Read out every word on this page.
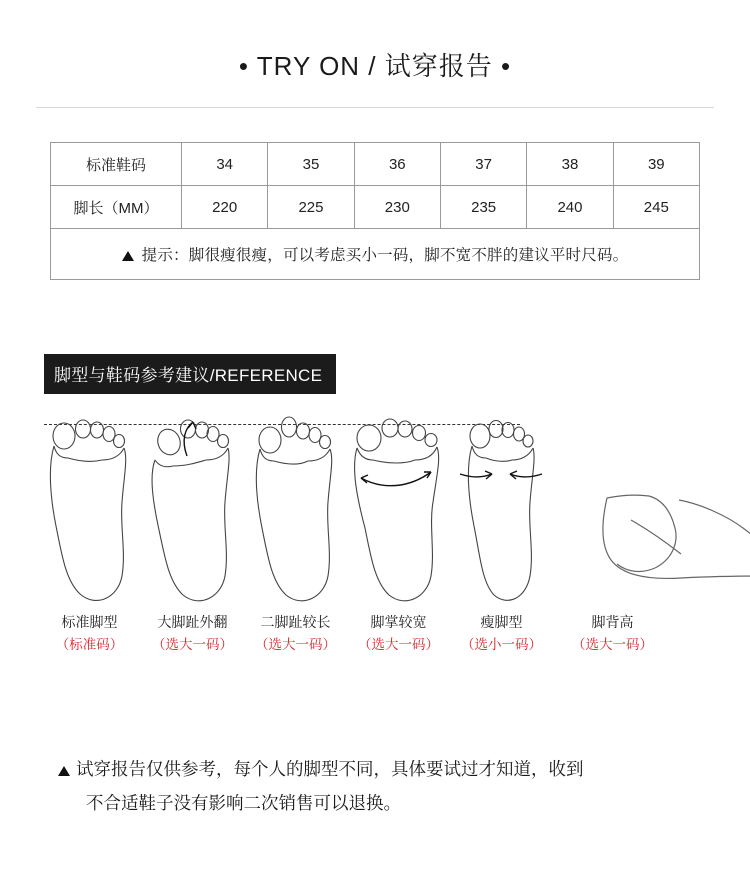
• TRY ON / 试穿报告 •
标准鞋码	34	35	36	37	38	39
脚长（MM）	220	225	230	235	240	245
提示：脚很瘦很瘦，可以考虑买小一码，脚不宽不胖的建议平时尺码。						
脚型与鞋码参考建议/REFERENCE
标准脚型
（标准码）
大脚趾外翻
（选大一码）
二脚趾较长
（选大一码）
脚掌较宽
（选大一码）
瘦脚型
（选小一码）
脚背高
（选大一码）
试穿报告仅供参考，每个人的脚型不同，具体要试过才知道，收到
不合适鞋子没有影响二次销售可以退换。
